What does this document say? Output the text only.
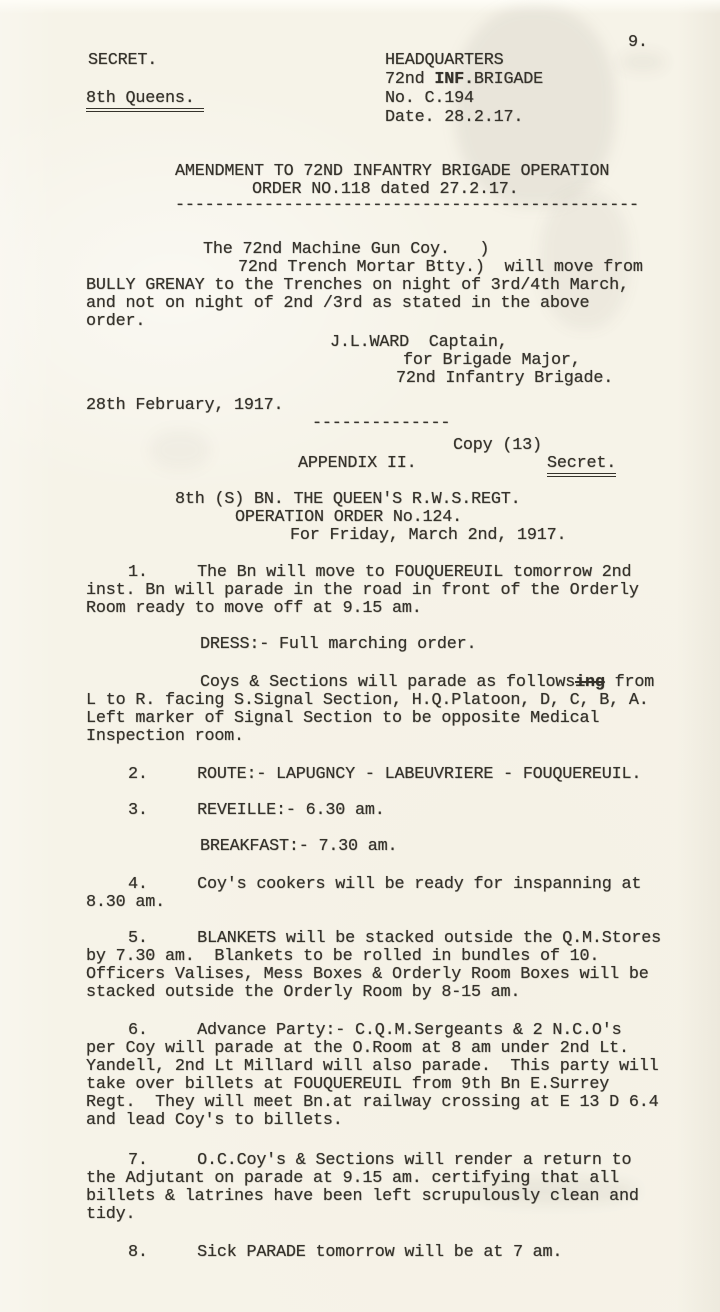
9.
SECRET.	HEADQUARTERS
72nd INF.BRIGADE
8th Queens.	No. C.194
Date. 28.2.17.
AMENDMENT TO 72ND INFANTRY BRIGADE OPERATION
ORDER NO.118 dated 27.2.17.
-----------------------------------------------
The 72nd Machine Gun Coy.   )
72nd Trench Mortar Btty.)  will move from
BULLY GRENAY to the Trenches on night of 3rd/4th March,
and not on night of 2nd /3rd as stated in the above
order.
J.L.WARD  Captain,
for Brigade Major,
72nd Infantry Brigade.
28th February, 1917.
--------------
Copy (13)
APPENDIX II.	Secret.
8th (S) BN. THE QUEEN'S R.W.S.REGT.
OPERATION ORDER No.124.
For Friday, March 2nd, 1917.
1.     The Bn will move to FOUQUEREUIL tomorrow 2nd
inst. Bn will parade in the road in front of the Orderly
Room ready to move off at 9.15 am.
DRESS:- Full marching order.
Coys & Sections will parade as followsing from
L to R. facing S.Signal Section, H.Q.Platoon, D, C, B, A.
Left marker of Signal Section to be opposite Medical
Inspection room.
2.     ROUTE:- LAPUGNCY - LABEUVRIERE - FOUQUEREUIL.
3.     REVEILLE:- 6.30 am.
BREAKFAST:- 7.30 am.
4.     Coy's cookers will be ready for inspanning at
8.30 am.
5.     BLANKETS will be stacked outside the Q.M.Stores
by 7.30 am.  Blankets to be rolled in bundles of 10.
Officers Valises, Mess Boxes & Orderly Room Boxes will be
stacked outside the Orderly Room by 8-15 am.
6.     Advance Party:- C.Q.M.Sergeants & 2 N.C.O's
per Coy will parade at the O.Room at 8 am under 2nd Lt.
Yandell, 2nd Lt Millard will also parade.  This party will
take over billets at FOUQUEREUIL from 9th Bn E.Surrey
Regt.  They will meet Bn.at railway crossing at E 13 D 6.4
and lead Coy's to billets.
7.     O.C.Coy's & Sections will render a return to
the Adjutant on parade at 9.15 am. certifying that all
billets & latrines have been left scrupulously clean and
tidy.
8.     Sick PARADE tomorrow will be at 7 am.
